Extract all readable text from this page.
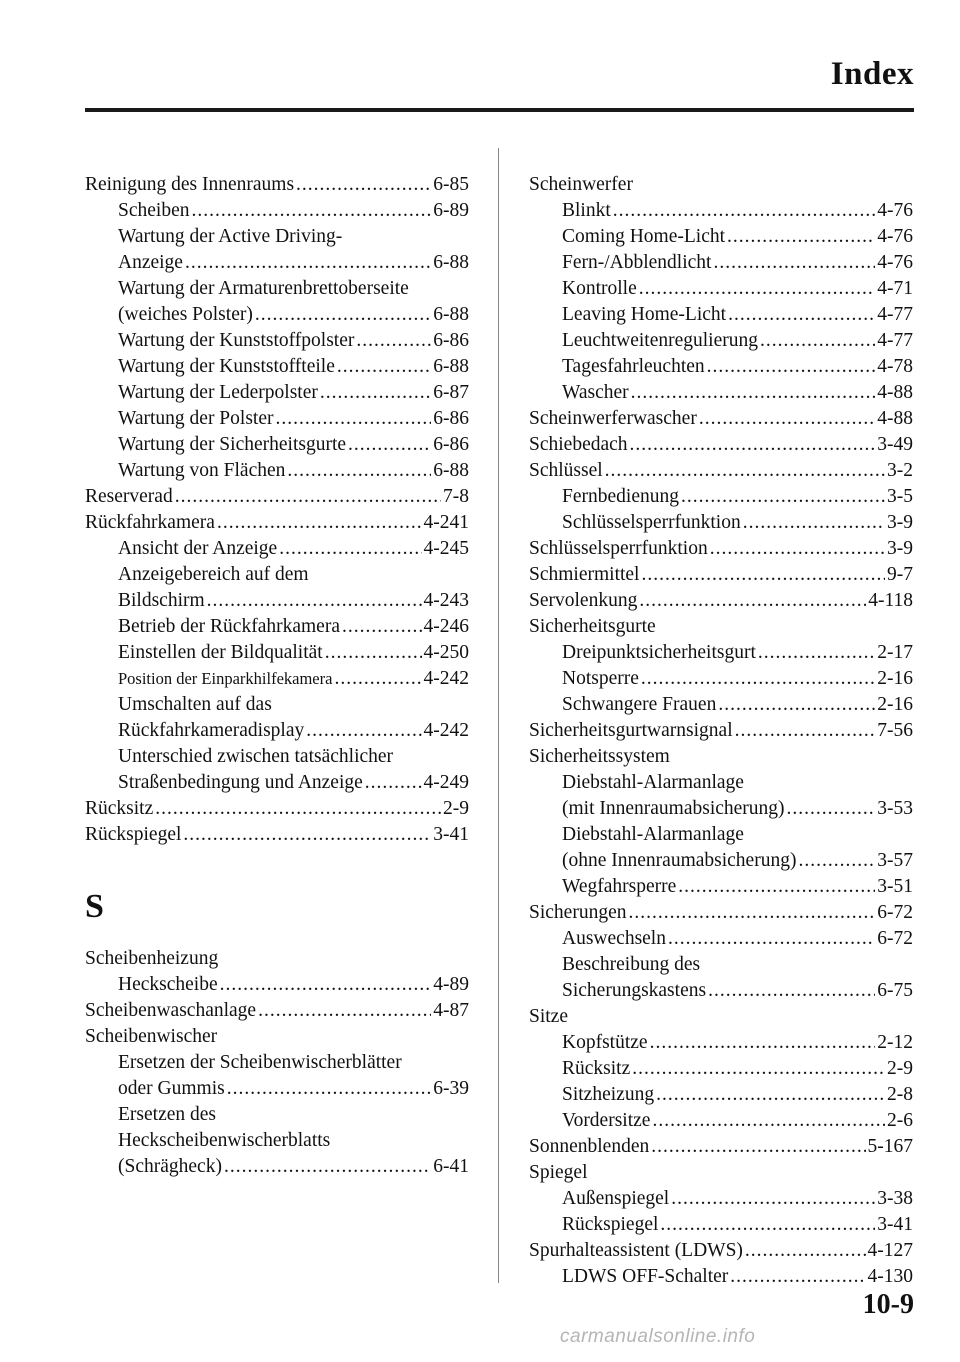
Index
Reinigung des Innenraums .....	6-85
Scheiben .....	6-89
Wartung der Active Driving-
Anzeige .....	6-88
Wartung der Armaturenbrettoberseite
(weiches Polster) .....	6-88
Wartung der Kunststoffpolster .....	6-86
Wartung der Kunststoffteile .....	6-88
Wartung der Lederpolster .....	6-87
Wartung der Polster .....	6-86
Wartung der Sicherheitsgurte .....	6-86
Wartung von Flächen .....	6-88
Reserverad .....	7-8
Rückfahrkamera .....	4-241
Ansicht der Anzeige .....	4-245
Anzeigebereich auf dem
Bildschirm .....	4-243
Betrieb der Rückfahrkamera .....	4-246
Einstellen der Bildqualität .....	4-250
Position der Einparkhilfekamera .....	4-242
Umschalten auf das
Rückfahrkameradisplay .....	4-242
Unterschied zwischen tatsächlicher
Straßenbedingung und Anzeige .....	4-249
Rücksitz .....	2-9
Rückspiegel .....	3-41
S
Scheibenheizung
Heckscheibe .....	4-89
Scheibenwaschanlage .....	4-87
Scheibenwischer
Ersetzen der Scheibenwischerblätter
oder Gummis .....	6-39
Ersetzen des
Heckscheibenwischerblatts
(Schrägheck) .....	6-41
Scheinwerfer
Blinkt .....	4-76
Coming Home-Licht .....	4-76
Fern-/Abblendlicht .....	4-76
Kontrolle .....	4-71
Leaving Home-Licht .....	4-77
Leuchtweitenregulierung .....	4-77
Tagesfahrleuchten .....	4-78
Wascher .....	4-88
Scheinwerferwascher .....	4-88
Schiebedach .....	3-49
Schlüssel .....	3-2
Fernbedienung .....	3-5
Schlüsselsperrfunktion .....	3-9
Schlüsselsperrfunktion .....	3-9
Schmiermittel .....	9-7
Servolenkung .....	4-118
Sicherheitsgurte
Dreipunktsicherheitsgurt .....	2-17
Notsperre .....	2-16
Schwangere Frauen .....	2-16
Sicherheitsgurtwarnsignal .....	7-56
Sicherheitssystem
Diebstahl-Alarmanlage
(mit Innenraumabsicherung) .....	3-53
Diebstahl-Alarmanlage
(ohne Innenraumabsicherung) .....	3-57
Wegfahrsperre .....	3-51
Sicherungen .....	6-72
Auswechseln .....	6-72
Beschreibung des
Sicherungskastens .....	6-75
Sitze
Kopfstütze .....	2-12
Rücksitz .....	2-9
Sitzheizung .....	2-8
Vordersitze .....	2-6
Sonnenblenden .....	5-167
Spiegel
Außenspiegel .....	3-38
Rückspiegel .....	3-41
Spurhalteassistent (LDWS) .....	4-127
LDWS OFF-Schalter .....	4-130
10-9
carmanualsonline.info
